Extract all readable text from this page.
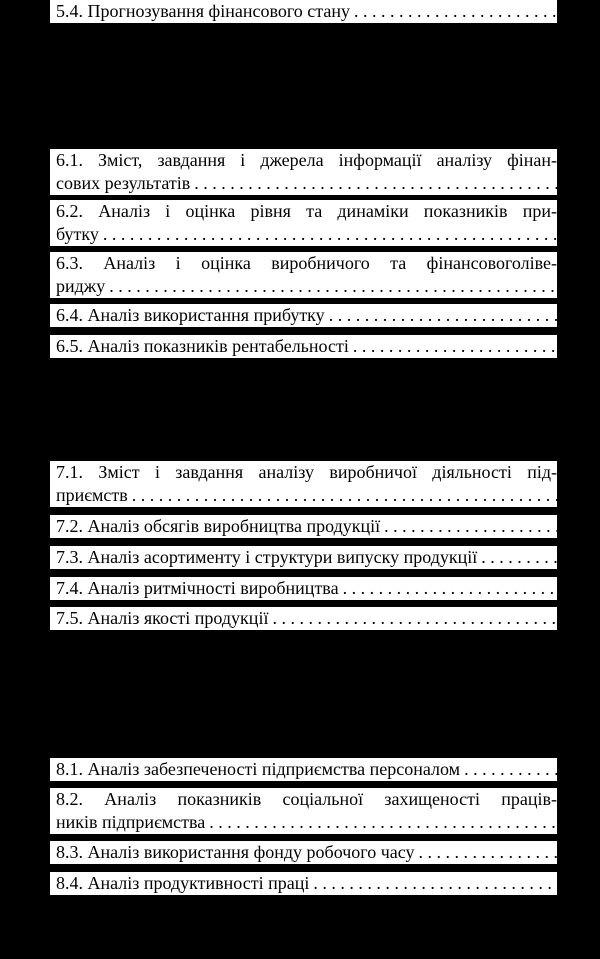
5.4. Прогнозування фінансового стану
. . .
6.1. Зміст, завдання і джерела інформації аналізу фінан-
сових результатів
. . .
6.2. Аналіз і оцінка рівня та динаміки показників при-
бутку
. . .
6.3. Аналіз і оцінка виробничого та фінансовоголіве-
риджу
. . .
6.4. Аналіз використання прибутку
. . .
6.5. Аналіз показників рентабельності
. . .
7.1. Зміст і завдання аналізу виробничої діяльності під-
приємств
. . .
7.2. Аналіз обсягів виробництва продукції
. . .
7.3. Аналіз асортименту і структури випуску продукції
. . .
7.4. Аналіз ритмічності виробництва
. . .
7.5. Аналіз якості продукції
. . .
8.1. Аналіз забезпеченості підприємства персоналом
. . .
8.2. Аналіз показників соціальної захищеності праців-
ників підприємства
. . .
8.3. Аналіз використання фонду робочого часу
. . .
8.4. Аналіз продуктивності праці
. . .
